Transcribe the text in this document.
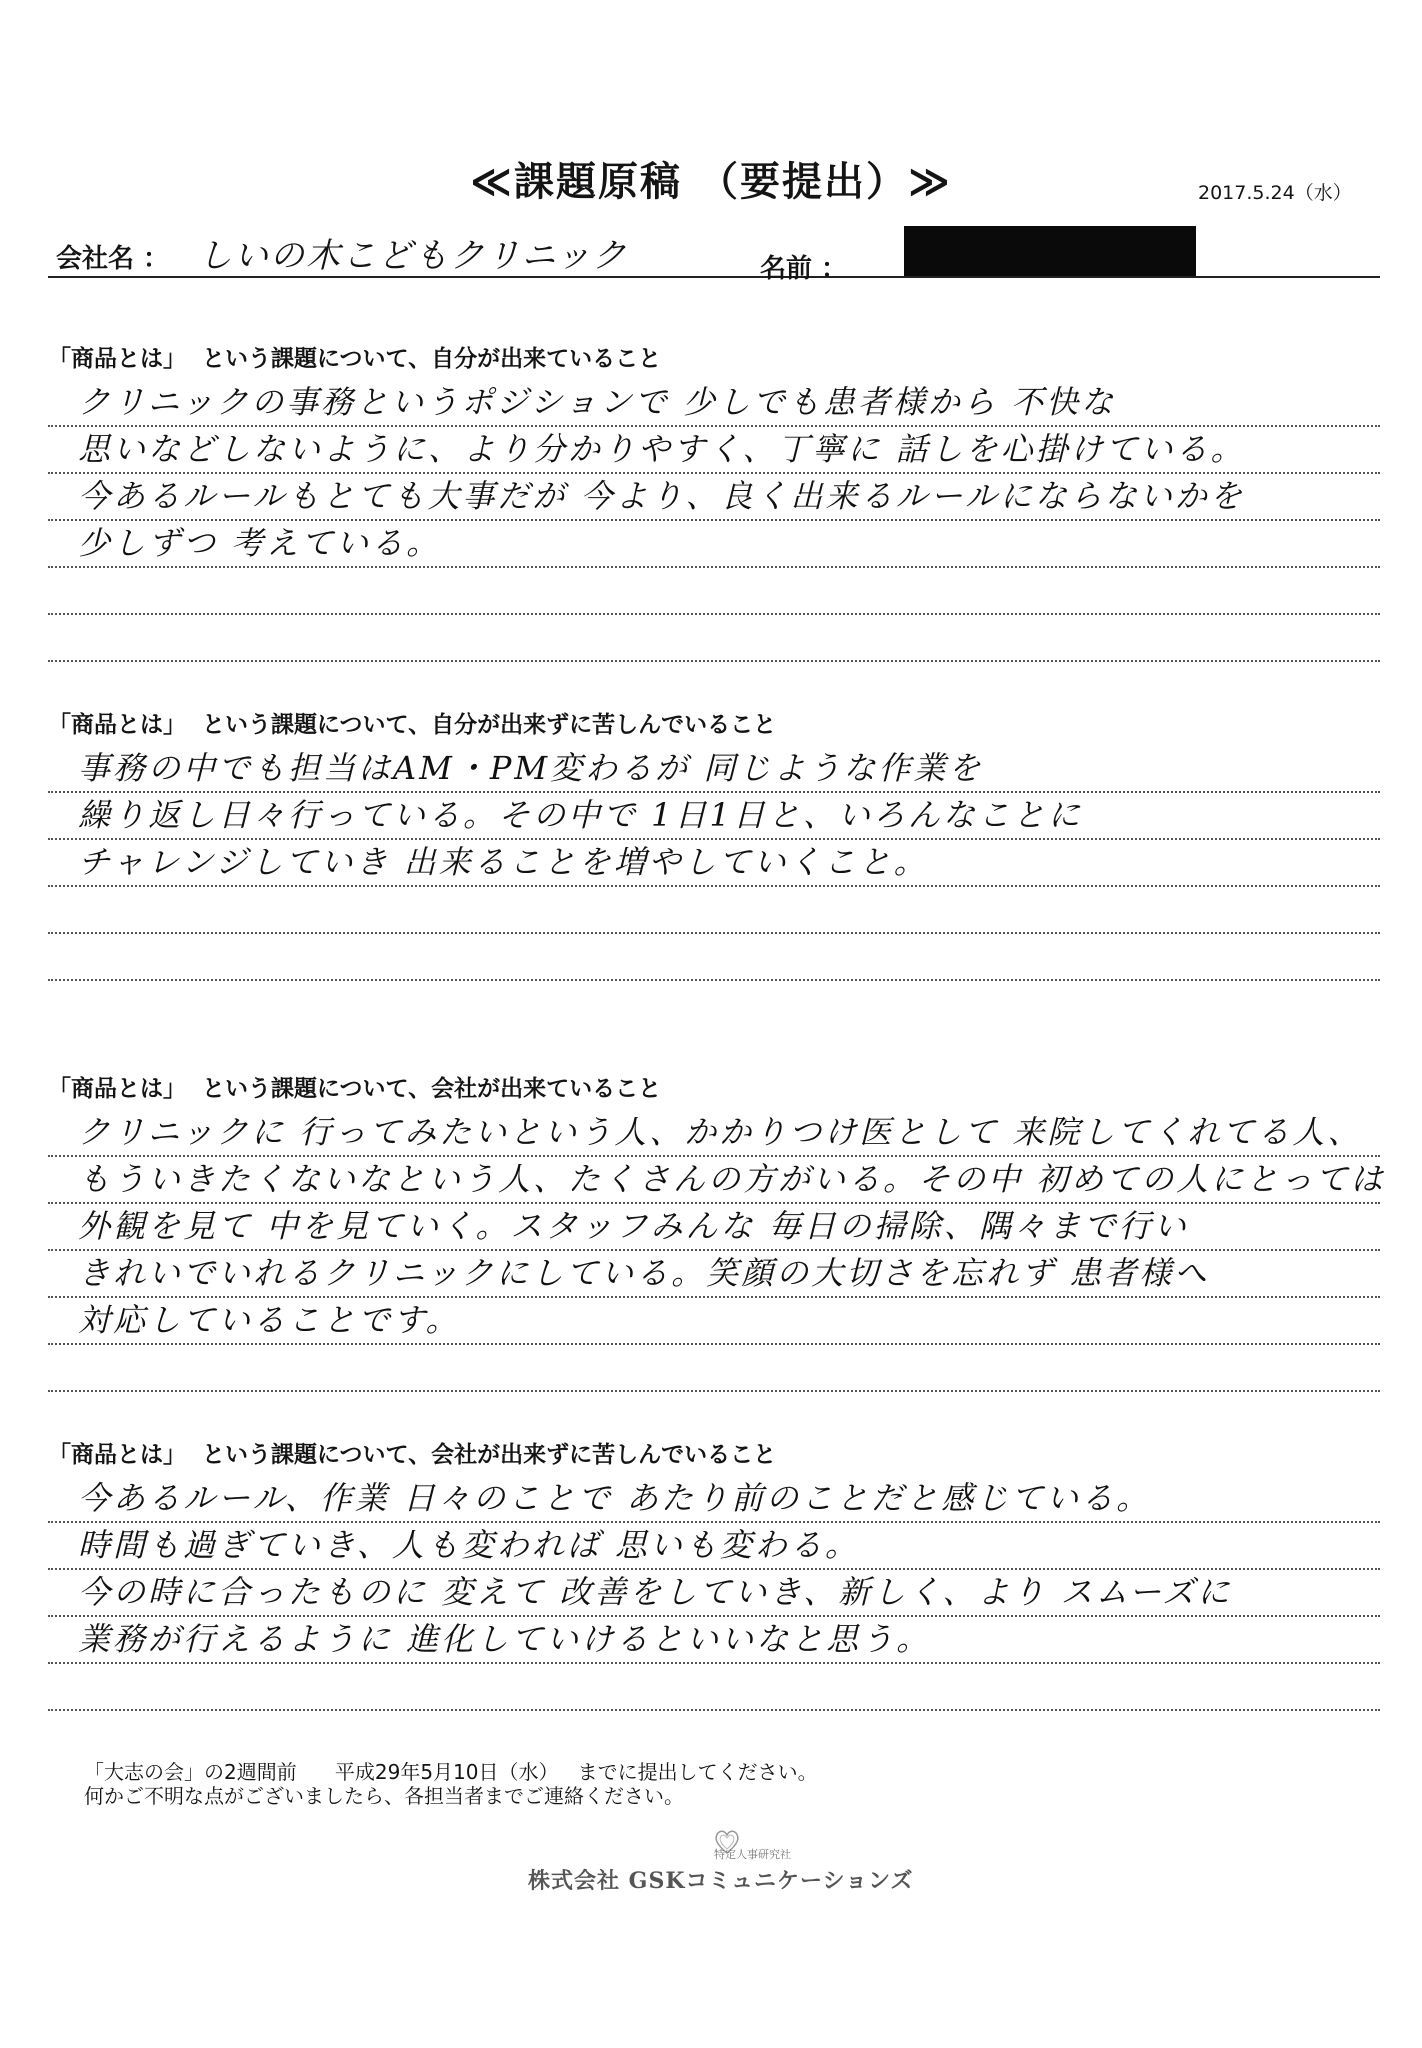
≪課題原稿 （要提出）≫	2017.5.24（水）
会社名 ： しいの木こどもクリニック	名前 ：
「商品とは」  という課題について、自分が出来ていること
クリニックの事務というポジションで 少しでも患者様から 不快な
思いなどしないように、より分かりやすく、丁寧に 話しを心掛けている。
今あるルールもとても大事だが 今より、良く出来るルールにならないかを
少しずつ 考えている。
「商品とは」  という課題について、自分が出来ずに苦しんでいること
事務の中でも担当はAM・PM変わるが 同じような作業を
繰り返し日々行っている。その中で 1日1日と、いろんなことに
チャレンジしていき 出来ることを増やしていくこと。
「商品とは」  という課題について、会社が出来ていること
クリニックに 行ってみたいという人、かかりつけ医として 来院してくれてる人、
もういきたくないなという人、たくさんの方がいる。その中 初めての人にとっては
外観を見て 中を見ていく。スタッフみんな 毎日の掃除、隅々まで行い
きれいでいれるクリニックにしている。笑顔の大切さを忘れず 患者様へ
対応していることです。
「商品とは」  という課題について、会社が出来ずに苦しんでいること
今あるルール、作業 日々のことで あたり前のことだと感じている。
時間も過ぎていき、人も変われば 思いも変わる。
今の時に合ったものに 変えて 改善をしていき、新しく、より スムーズに
業務が行えるように 進化していけるといいなと思う。
「大志の会」の2週間前      平成29年5月10日（水）   までに提出してください。
何かご不明な点がございましたら、各担当者までご連絡ください。
特定人事研究社
株式会社 GSKコミュニケーションズ
